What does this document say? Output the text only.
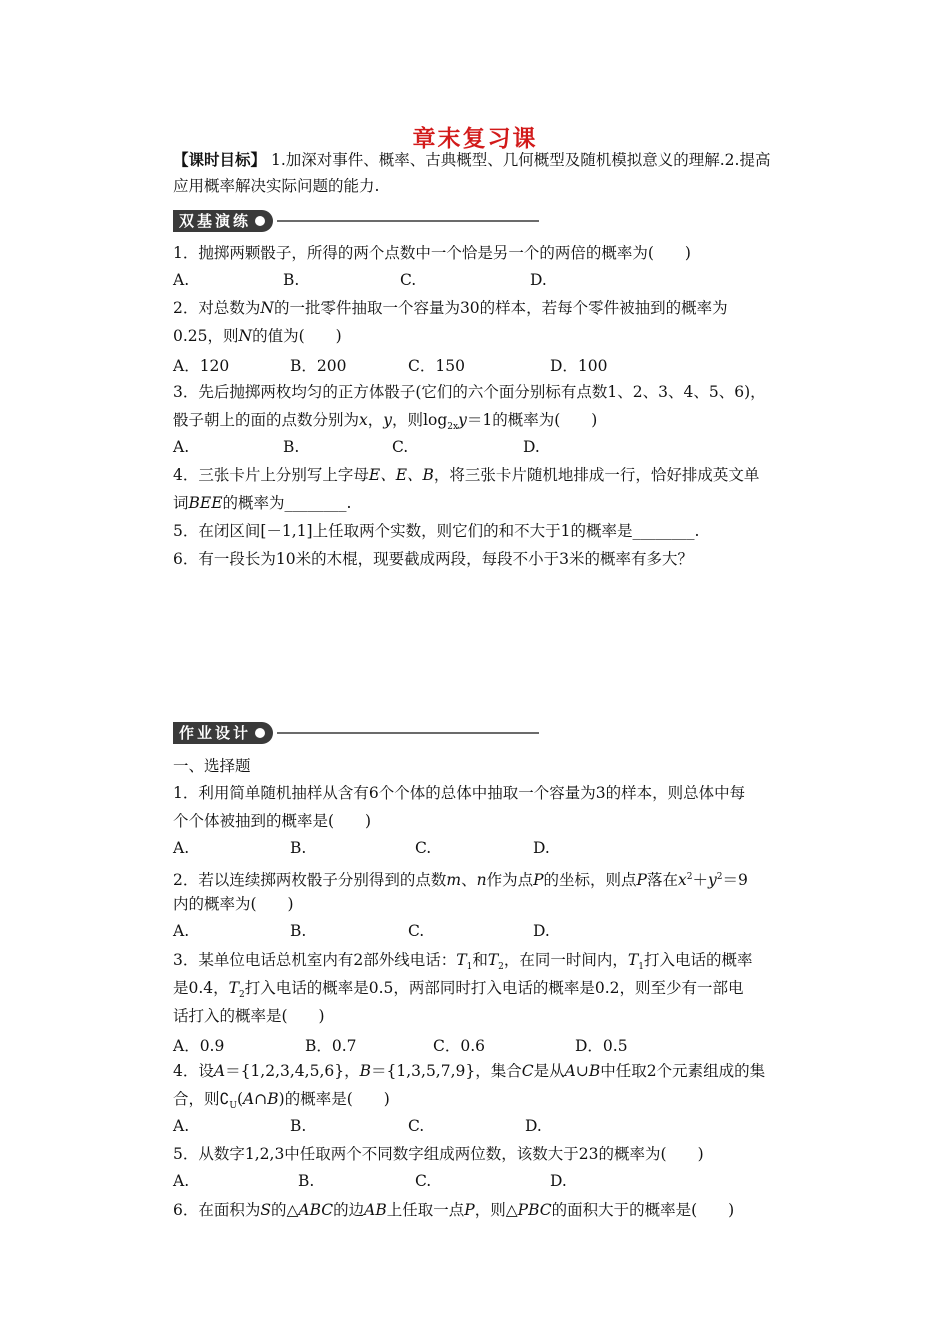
章末复习课
【课时目标】 1.加深对事件、概率、古典概型、几何概型及随机模拟意义的理解.2.提高
应用概率解决实际问题的能力.
双基演练
1．抛掷两颗骰子，所得的两个点数中一个恰是另一个的两倍的概率为(　　)
A.	B.	C.	D.
2．对总数为N的一批零件抽取一个容量为30的样本，若每个零件被抽到的概率为
0.25，则N的值为(　　)
A．120	B．200	C．150	D．100
3．先后抛掷两枚均匀的正方体骰子(它们的六个面分别标有点数1、2、3、4、5、6)，
骰子朝上的面的点数分别为x，y，则$\log_{2x}y=1$的概率为(　　)
A.	B.	C.	D.
4．三张卡片上分别写上字母E、E、B，将三张卡片随机地排成一行，恰好排成英文单
词BEE的概率为________.
5．在闭区间[－1,1]上任取两个实数，则它们的和不大于1的概率是________.
6．有一段长为10米的木棍，现要截成两段，每段不小于3米的概率有多大？
作业设计
一、选择题
1．利用简单随机抽样从含有6个个体的总体中抽取一个容量为3的样本，则总体中每
个个体被抽到的概率是(　　)
A.	B.	C.	D.
2．若以连续掷两枚骰子分别得到的点数m、n作为点P的坐标，则点P落在$x^2+y^2=9$
内的概率为(　　)
A.	B.	C.	D.
3．某单位电话总机室内有2部外线电话：$T_1$和$T_2$，在同一时间内，$T_1$打入电话的概率
是0.4，$T_2$打入电话的概率是0.5，两部同时打入电话的概率是0.2，则至少有一部电
话打入的概率是(　　)
A．0.9	B．0.7	C．0.6	D．0.5
4．设A＝{1,2,3,4,5,6}，B＝{1,3,5,7,9}，集合C是从A∪B中任取2个元素组成的集
合，则$∁_U(A\cap B)$的概率是(　　)
A.	B.	C.	D.
5．从数字1,2,3中任取两个不同数字组成两位数，该数大于23的概率为(　　)
A.	B.	C.	D.
6．在面积为S的△ABC的边AB上任取一点P，则△PBC的面积大于的概率是(　　)
